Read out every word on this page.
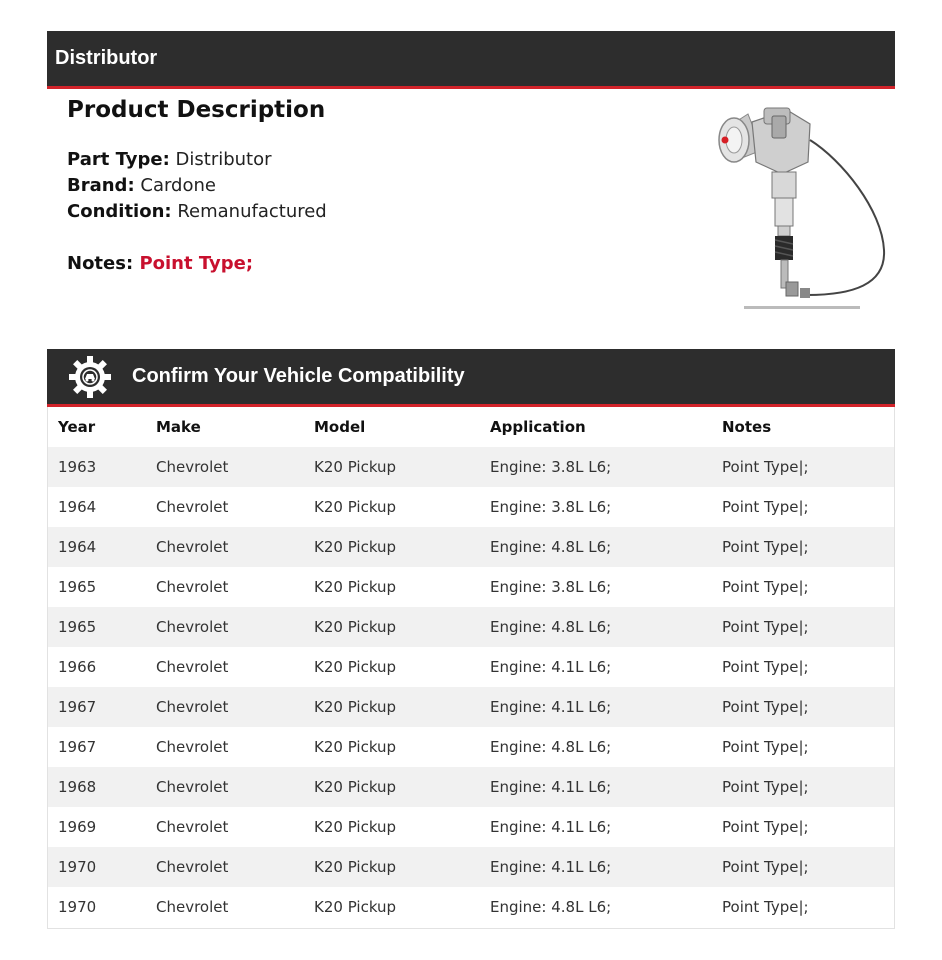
Distributor
Product Description
Part Type: Distributor
Brand: Cardone
Condition: Remanufactured
Notes: Point Type;
Confirm Your Vehicle Compatibility
Year	Make	Model	Application	Notes
1963	Chevrolet	K20 Pickup	Engine: 3.8L L6;	Point Type|;
1964	Chevrolet	K20 Pickup	Engine: 3.8L L6;	Point Type|;
1964	Chevrolet	K20 Pickup	Engine: 4.8L L6;	Point Type|;
1965	Chevrolet	K20 Pickup	Engine: 3.8L L6;	Point Type|;
1965	Chevrolet	K20 Pickup	Engine: 4.8L L6;	Point Type|;
1966	Chevrolet	K20 Pickup	Engine: 4.1L L6;	Point Type|;
1967	Chevrolet	K20 Pickup	Engine: 4.1L L6;	Point Type|;
1967	Chevrolet	K20 Pickup	Engine: 4.8L L6;	Point Type|;
1968	Chevrolet	K20 Pickup	Engine: 4.1L L6;	Point Type|;
1969	Chevrolet	K20 Pickup	Engine: 4.1L L6;	Point Type|;
1970	Chevrolet	K20 Pickup	Engine: 4.1L L6;	Point Type|;
1970	Chevrolet	K20 Pickup	Engine: 4.8L L6;	Point Type|;
